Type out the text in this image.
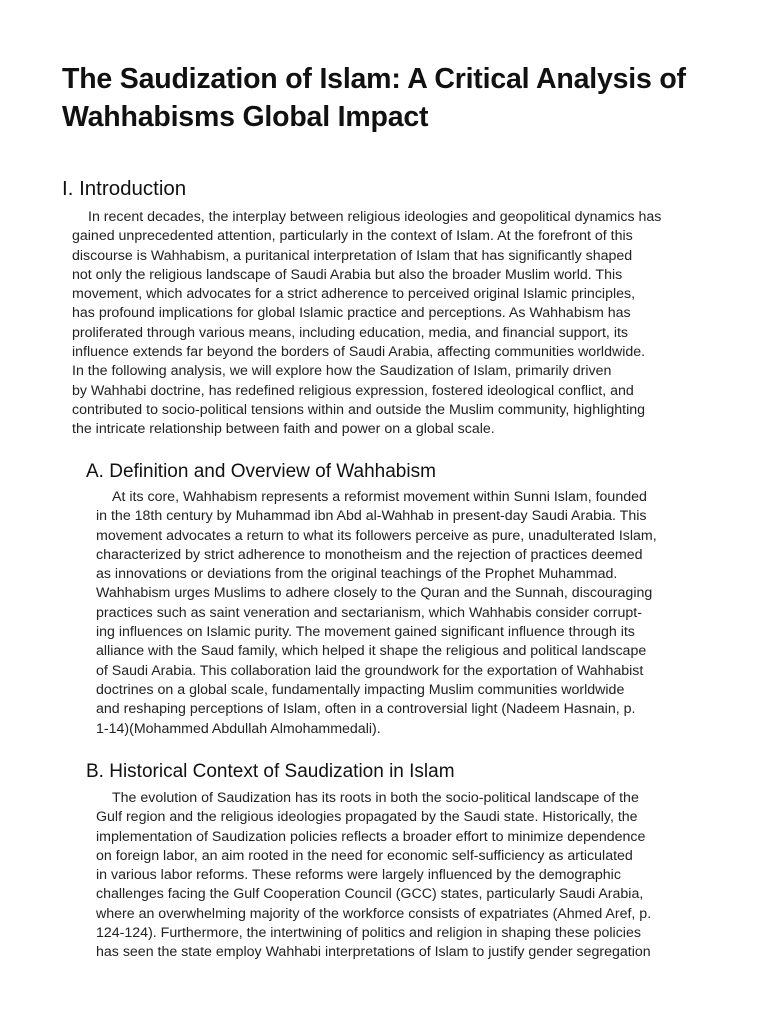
The Saudization of Islam: A Critical Analysis of
Wahhabisms Global Impact
I. Introduction
In recent decades, the interplay between religious ideologies and geopolitical dynamics has
gained unprecedented attention, particularly in the context of Islam. At the forefront of this
discourse is Wahhabism, a puritanical interpretation of Islam that has significantly shaped
not only the religious landscape of Saudi Arabia but also the broader Muslim world. This
movement, which advocates for a strict adherence to perceived original Islamic principles,
has profound implications for global Islamic practice and perceptions. As Wahhabism has
proliferated through various means, including education, media, and financial support, its
influence extends far beyond the borders of Saudi Arabia, affecting communities worldwide.
In the following analysis, we will explore how the Saudization of Islam, primarily driven
by Wahhabi doctrine, has redefined religious expression, fostered ideological conflict, and
contributed to socio-political tensions within and outside the Muslim community, highlighting
the intricate relationship between faith and power on a global scale.
A. Definition and Overview of Wahhabism
At its core, Wahhabism represents a reformist movement within Sunni Islam, founded
in the 18th century by Muhammad ibn Abd al-Wahhab in present-day Saudi Arabia. This
movement advocates a return to what its followers perceive as pure, unadulterated Islam,
characterized by strict adherence to monotheism and the rejection of practices deemed
as innovations or deviations from the original teachings of the Prophet Muhammad.
Wahhabism urges Muslims to adhere closely to the Quran and the Sunnah, discouraging
practices such as saint veneration and sectarianism, which Wahhabis consider corrupt-
ing influences on Islamic purity. The movement gained significant influence through its
alliance with the Saud family, which helped it shape the religious and political landscape
of Saudi Arabia. This collaboration laid the groundwork for the exportation of Wahhabist
doctrines on a global scale, fundamentally impacting Muslim communities worldwide
and reshaping perceptions of Islam, often in a controversial light (Nadeem Hasnain, p.
1-14)(Mohammed Abdullah Almohammedali).
B. Historical Context of Saudization in Islam
The evolution of Saudization has its roots in both the socio-political landscape of the
Gulf region and the religious ideologies propagated by the Saudi state. Historically, the
implementation of Saudization policies reflects a broader effort to minimize dependence
on foreign labor, an aim rooted in the need for economic self-sufficiency as articulated
in various labor reforms. These reforms were largely influenced by the demographic
challenges facing the Gulf Cooperation Council (GCC) states, particularly Saudi Arabia,
where an overwhelming majority of the workforce consists of expatriates (Ahmed Aref, p.
124-124). Furthermore, the intertwining of politics and religion in shaping these policies
has seen the state employ Wahhabi interpretations of Islam to justify gender segregation
